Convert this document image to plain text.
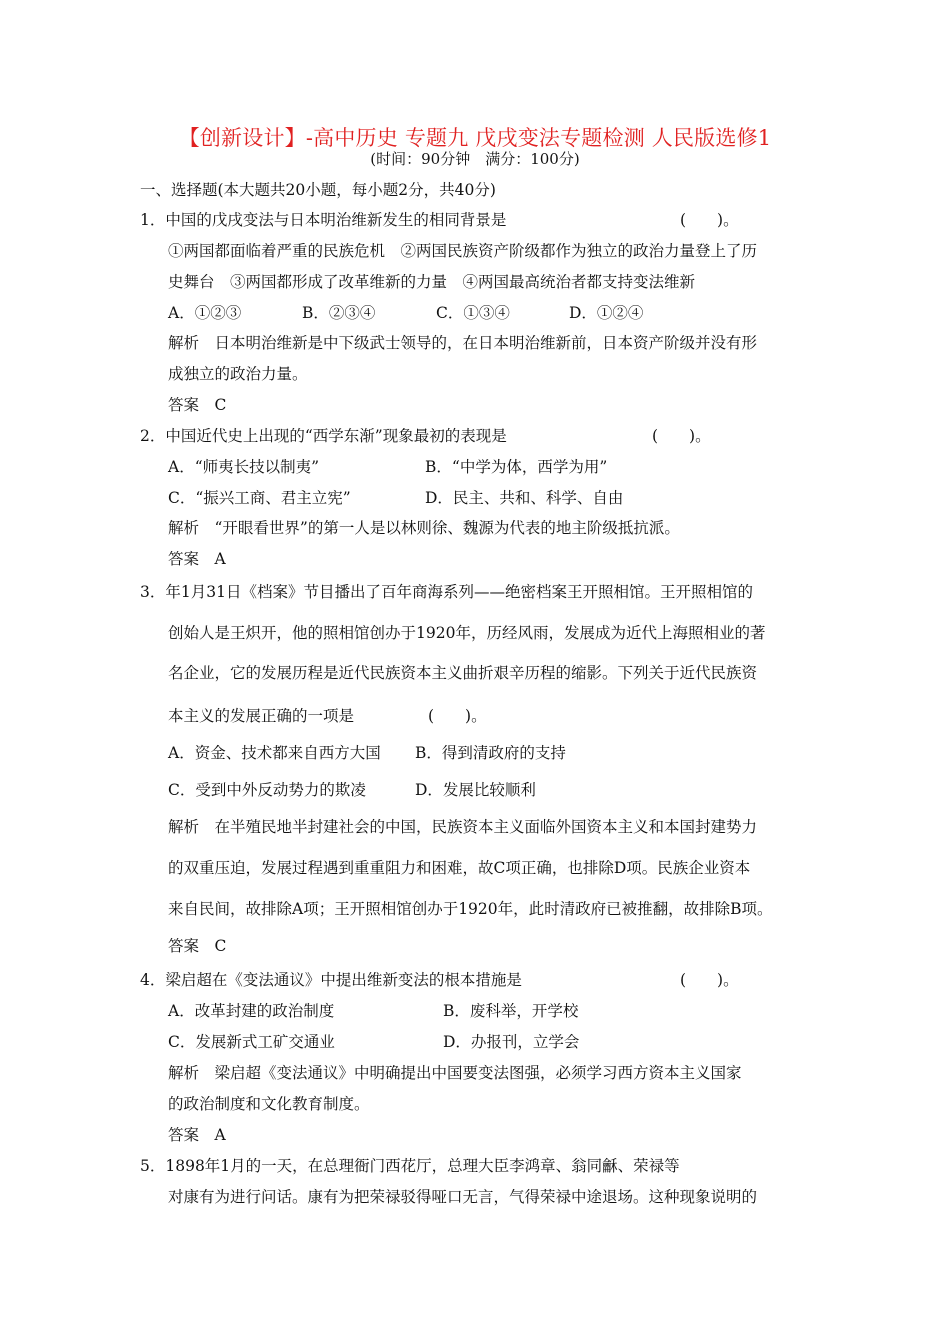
【创新设计】-高中历史 专题九 戊戌变法专题检测 人民版选修1
(时间：90分钟　满分：100分)
一、选择题(本大题共20小题，每小题2分，共40分)
1．中国的戊戌变法与日本明治维新发生的相同背景是	(　　)。
①两国都面临着严重的民族危机　②两国民族资产阶级都作为独立的政治力量登上了历
史舞台　③两国都形成了改革维新的力量　④两国最高统治者都支持变法维新
A．①②③	B．②③④	C．①③④	D．①②④
解析　日本明治维新是中下级武士领导的，在日本明治维新前，日本资产阶级并没有形
成独立的政治力量。
答案　C
2．中国近代史上出现的“西学东渐”现象最初的表现是	(　　)。
A．“师夷长技以制夷”	B．“中学为体，西学为用”
C．“振兴工商、君主立宪”	D．民主、共和、科学、自由
解析　“开眼看世界”的第一人是以林则徐、魏源为代表的地主阶级抵抗派。
答案　A
3．年1月31日《档案》节目播出了百年商海系列——绝密档案王开照相馆。王开照相馆的
创始人是王炽开，他的照相馆创办于1920年，历经风雨，发展成为近代上海照相业的著
名企业，它的发展历程是近代民族资本主义曲折艰辛历程的缩影。下列关于近代民族资
本主义的发展正确的一项是	(　　)。
A．资金、技术都来自西方大国 B．得到清政府的支持
C．受到中外反动势力的欺凌	D．发展比较顺利
解析　在半殖民地半封建社会的中国，民族资本主义面临外国资本主义和本国封建势力
的双重压迫，发展过程遇到重重阻力和困难，故C项正确，也排除D项。民族企业资本
来自民间，故排除A项；王开照相馆创办于1920年，此时清政府已被推翻，故排除B项。
答案　C
4．梁启超在《变法通议》中提出维新变法的根本措施是	(　　)。
A．改革封建的政治制度	B．废科举，开学校
C．发展新式工矿交通业	D．办报刊，立学会
解析　梁启超《变法通议》中明确提出中国要变法图强，必须学习西方资本主义国家
的政治制度和文化教育制度。
答案　A
5．1898年1月的一天，在总理衙门西花厅，总理大臣李鸿章、翁同龢、荣禄等
对康有为进行问话。康有为把荣禄驳得哑口无言，气得荣禄中途退场。这种现象说明的
